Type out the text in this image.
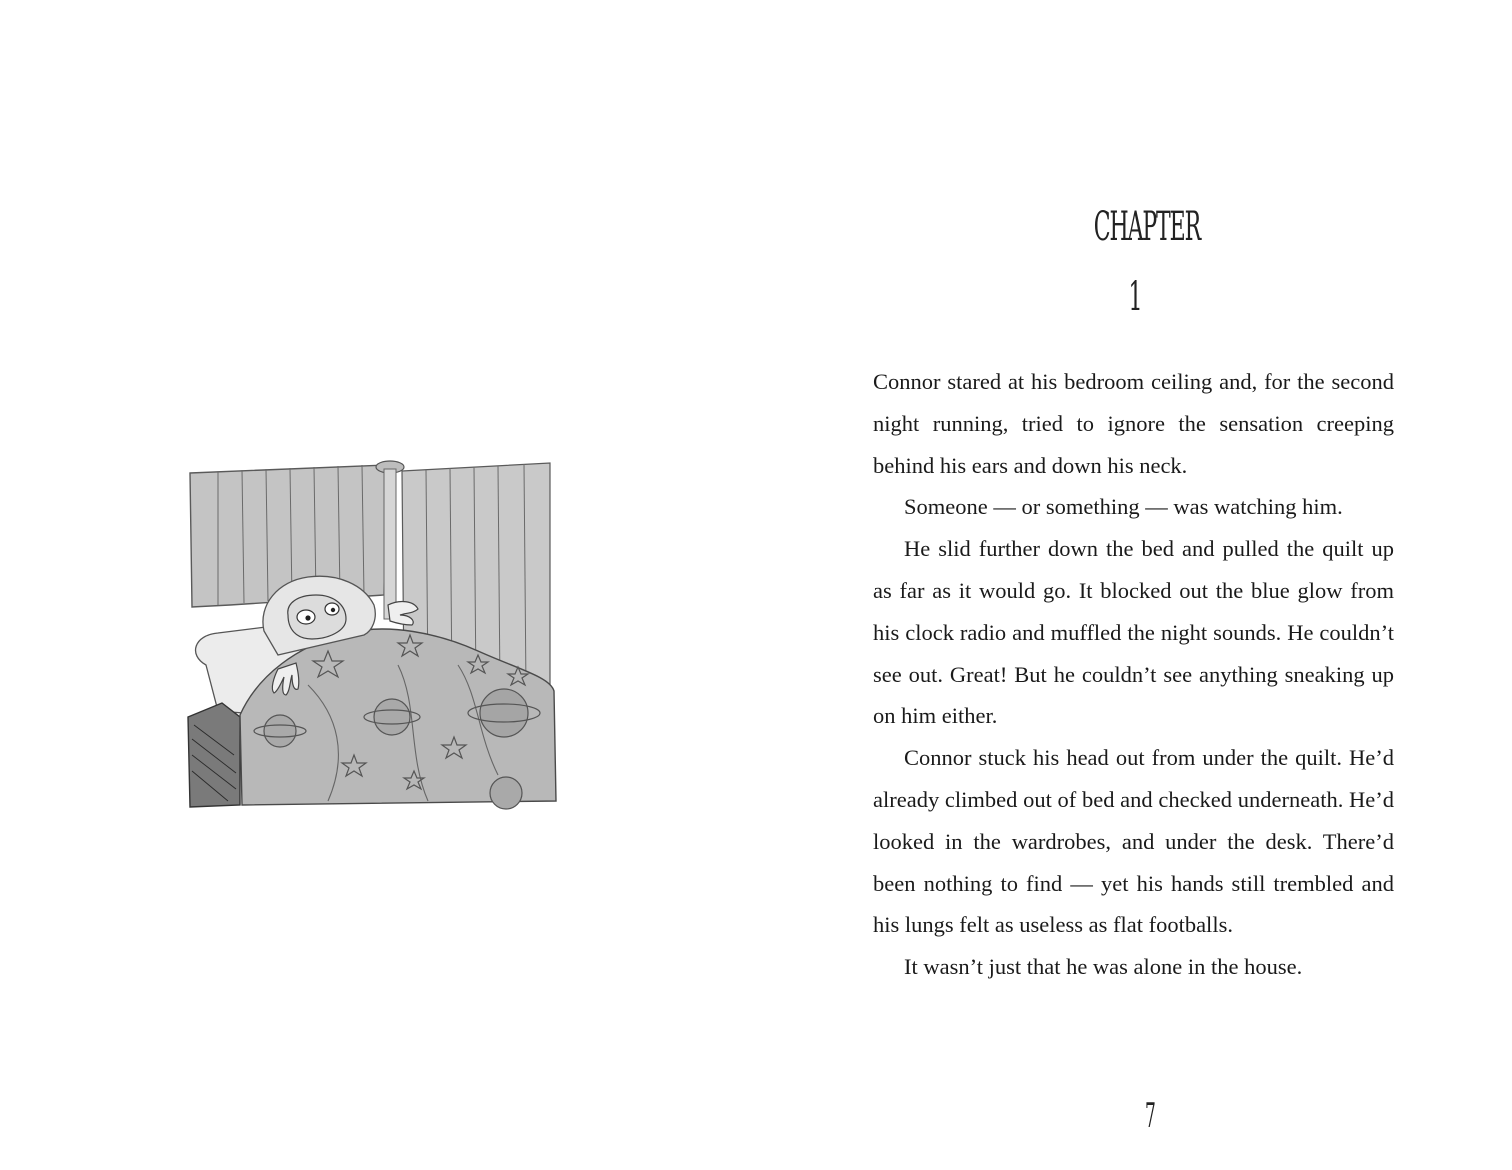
CHAPTER 1

Connor stared at his bedroom ceiling and, for the second night running, tried to ignore the sensation creeping behind his ears and down his neck.

Someone — or something — was watching him.

He slid further down the bed and pulled the quilt up as far as it would go. It blocked out the blue glow from his clock radio and muffled the night sounds. He couldn’t see out. Great! But he couldn’t see anything sneaking up on him either.

Connor stuck his head out from under the quilt. He’d already climbed out of bed and checked underneath. He’d looked in the wardrobes, and under the desk. There’d been nothing to find — yet his hands still trembled and his lungs felt as useless as flat footballs.

It wasn’t just that he was alone in the house.

7
